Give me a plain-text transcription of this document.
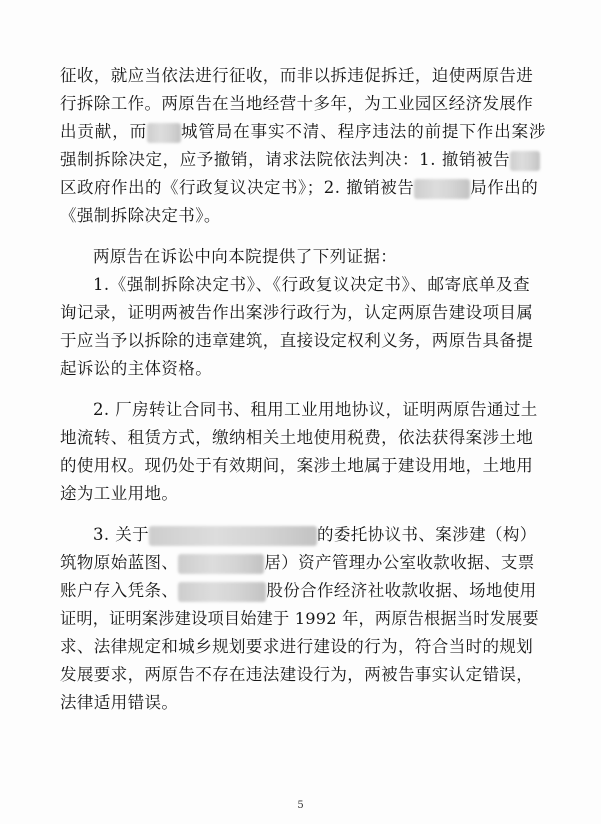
征收，就应当依法进行征收，而非以拆违促拆迁，迫使两原告进
行拆除工作。两原告在当地经营十多年，为工业园区经济发展作
出贡献，而 城管局在事实不清、程序违法的前提下作出案涉
强制拆除决定，应予撤销，请求法院依法判决：1. 撤销被告
区政府作出的《行政复议决定书》；2. 撤销被告	局作出的
《强制拆除决定书》。
两原告在诉讼中向本院提供了下列证据：
1.《强制拆除决定书》、《行政复议决定书》、邮寄底单及查
询记录，证明两被告作出案涉行政行为，认定两原告建设项目属
于应当予以拆除的违章建筑，直接设定权利义务，两原告具备提
起诉讼的主体资格。
2. 厂房转让合同书、租用工业用地协议，证明两原告通过土
地流转、租赁方式，缴纳相关土地使用税费，依法获得案涉土地
的使用权。现仍处于有效期间，案涉土地属于建设用地，土地用
途为工业用地。
3. 关于	的委托协议书、案涉建（构）
筑物原始蓝图、	居）资产管理办公室收款收据、支票
账户存入凭条、	股份合作经济社收款收据、场地使用
证明，证明案涉建设项目始建于 1992 年，两原告根据当时发展要
求、法律规定和城乡规划要求进行建设的行为，符合当时的规划
发展要求，两原告不存在违法建设行为，两被告事实认定错误，
法律适用错误。
5
